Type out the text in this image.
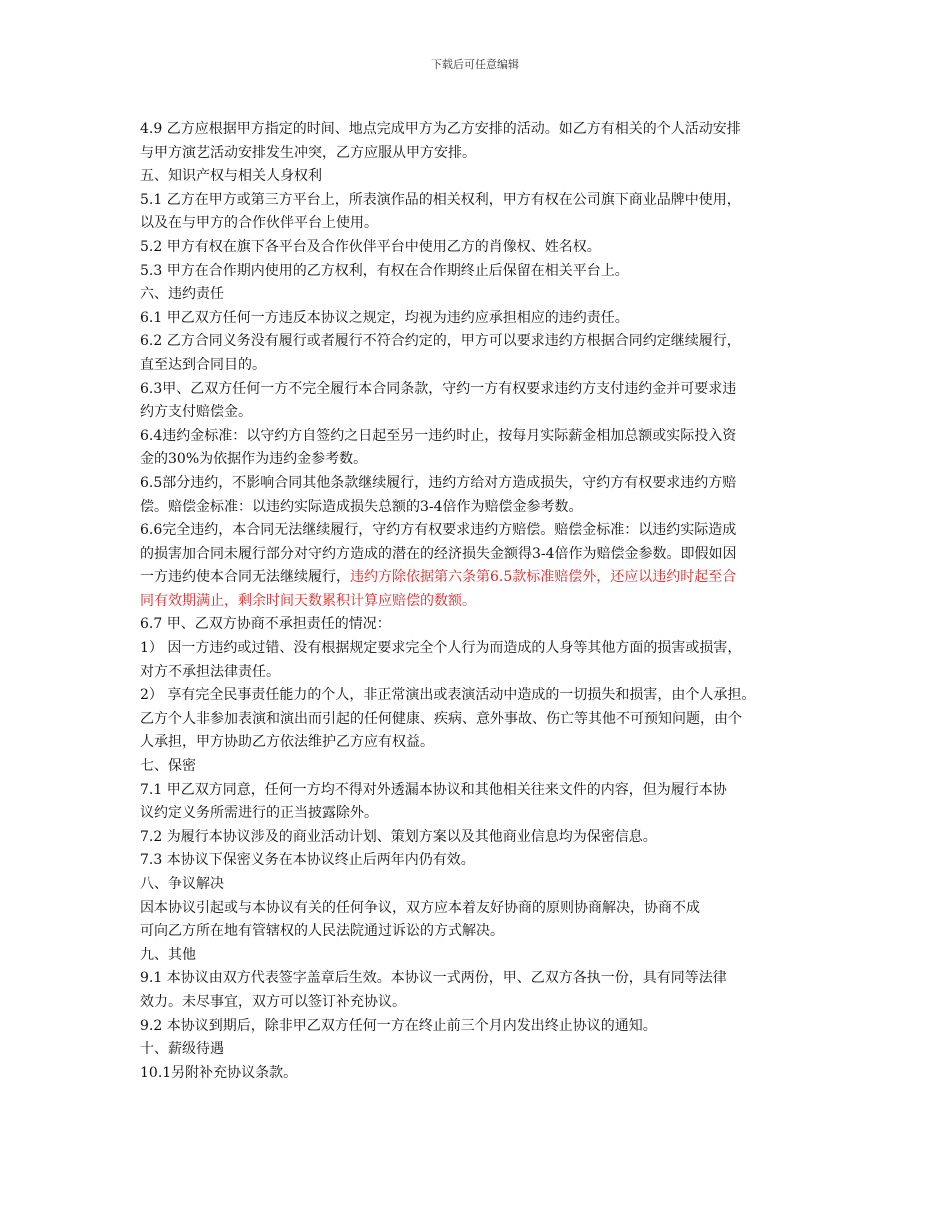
下载后可任意编辑
4.9 乙方应根据甲方指定的时间、地点完成甲方为乙方安排的活动。如乙方有相关的个人活动安排
与甲方演艺活动安排发生冲突，乙方应服从甲方安排。
五、知识产权与相关人身权利
5.1 乙方在甲方或第三方平台上，所表演作品的相关权利，甲方有权在公司旗下商业品牌中使用，
以及在与甲方的合作伙伴平台上使用。
5.2 甲方有权在旗下各平台及合作伙伴平台中使用乙方的肖像权、姓名权。
5.3 甲方在合作期内使用的乙方权利，有权在合作期终止后保留在相关平台上。
六、违约责任
6.1 甲乙双方任何一方违反本协议之规定，均视为违约应承担相应的违约责任。
6.2 乙方合同义务没有履行或者履行不符合约定的，甲方可以要求违约方根据合同约定继续履行，
直至达到合同目的。
6.3甲、乙双方任何一方不完全履行本合同条款，守约一方有权要求违约方支付违约金并可要求违
约方支付赔偿金。
6.4违约金标准：以守约方自签约之日起至另一违约时止，按每月实际薪金相加总额或实际投入资
金的30%为依据作为违约金参考数。
6.5部分违约，不影响合同其他条款继续履行，违约方给对方造成损失，守约方有权要求违约方赔
偿。赔偿金标准：以违约实际造成损失总额的3-4倍作为赔偿金参考数。
6.6完全违约，本合同无法继续履行，守约方有权要求违约方赔偿。赔偿金标准：以违约实际造成
的损害加合同未履行部分对守约方造成的潜在的经济损失金额得3-4倍作为赔偿金参数。即假如因
一方违约使本合同无法继续履行，违约方除依据第六条第6.5款标准赔偿外，还应以违约时起至合
同有效期满止，剩余时间天数累积计算应赔偿的数额。
6.7 甲、乙双方协商不承担责任的情况：
1） 因一方违约或过错、没有根据规定要求完全个人行为而造成的人身等其他方面的损害或损害，
对方不承担法律责任。
2） 享有完全民事责任能力的个人，非正常演出或表演活动中造成的一切损失和损害，由个人承担。
乙方个人非参加表演和演出而引起的任何健康、疾病、意外事故、伤亡等其他不可预知问题，由个
人承担，甲方协助乙方依法维护乙方应有权益。
七、保密
7.1 甲乙双方同意，任何一方均不得对外透漏本协议和其他相关往来文件的内容，但为履行本协
议约定义务所需进行的正当披露除外。
7.2 为履行本协议涉及的商业活动计划、策划方案以及其他商业信息均为保密信息。
7.3 本协议下保密义务在本协议终止后两年内仍有效。
八、争议解决
因本协议引起或与本协议有关的任何争议，双方应本着友好协商的原则协商解决，协商不成
可向乙方所在地有管辖权的人民法院通过诉讼的方式解决。
九、其他
9.1 本协议由双方代表签字盖章后生效。本协议一式两份，甲、乙双方各执一份，具有同等法律
效力。未尽事宜，双方可以签订补充协议。
9.2 本协议到期后，除非甲乙双方任何一方在终止前三个月内发出终止协议的通知。
十、薪级待遇
10.1另附补充协议条款。
